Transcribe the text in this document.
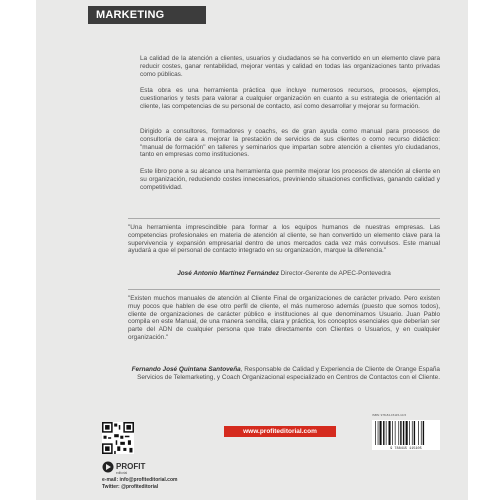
MARKETING

La calidad de la atención a clientes, usuarios y ciudadanos se ha convertido en un elemento clave para reducir costes, ganar rentabilidad, mejorar ventas y calidad en todas las organizaciones tanto privadas como públicas.

Esta obra es una herramienta práctica que incluye numerosos recursos, procesos, ejemplos, cuestionarios y tests para valorar a cualquier organización en cuanto a su estrategia de orientación al cliente, las competencias de su personal de contacto, así como desarrollar y mejorar su formación.

Dirigido a consultores, formadores y coachs, es de gran ayuda como manual para procesos de consultoría de cara a mejorar la prestación de servicios de sus clientes o como recurso didáctico: "manual de formación" en talleres y seminarios que impartan sobre atención a clientes y/o ciudadanos, tanto en empresas como instituciones.

Este libro pone a su alcance una herramienta que permite mejorar los procesos de atención al cliente en su organización, reduciendo costes innecesarios, previniendo situaciones conflictivas, ganando calidad y competitividad.

"Una herramienta imprescindible para formar a los equipos humanos de nuestras empresas. Las competencias profesionales en materia de atención al cliente, se han convertido un elemento clave para la supervivencia y expansión empresarial dentro de unos mercados cada vez más convulsos. Este manual ayudará a que el personal de contacto integrado en su organización, marque la diferencia."

José Antonio Martínez Fernández Director-Gerente de APEC-Pontevedra

"Existen muchos manuales de atención al Cliente Final de organizaciones de carácter privado. Pero existen muy pocos que hablen de ese otro perfil de cliente, el más numeroso además (puesto que somos todos), cliente de organizaciones de carácter público e instituciones al que denominamos Usuario. Juan Pablo compila en este Manual, de una manera sencilla, clara y práctica, los conceptos esenciales que deberían ser parte del ADN de cualquier persona que trate directamente con Clientes o Usuarios, y en cualquier organización."

Fernando José Quintana Santoveña, Responsable de Calidad y Experiencia de Cliente de Orange España Servicios de Telemarketing, y Coach Organizacional especializado en Centros de Contactos con el Cliente.

www.profiteditorial.com
ISBN: 978-84-15115-10-5
9 788415 115105
PROFIT
editorial
e-mail: info@profiteditorial.com
Twitter: @profiteditorial
